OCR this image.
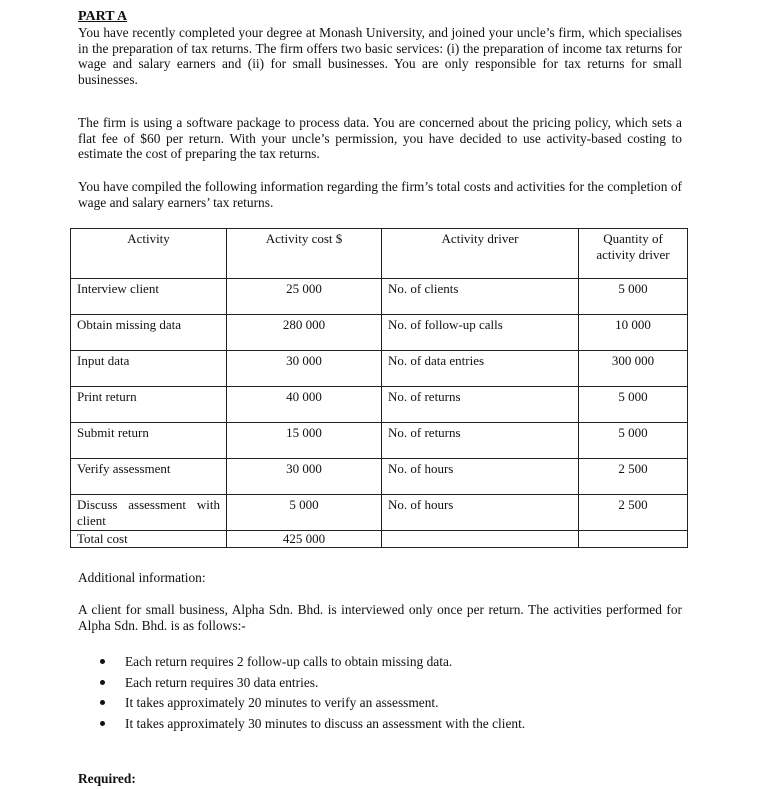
PART A

You have recently completed your degree at Monash University, and joined your uncle’s firm, which specialises in the preparation of tax returns. The firm offers two basic services: (i) the preparation of income tax returns for wage and salary earners and (ii) for small businesses. You are only responsible for tax returns for small businesses.

The firm is using a software package to process data. You are concerned about the pricing policy, which sets a flat fee of $60 per return. With your uncle’s permission, you have decided to use activity-based costing to estimate the cost of preparing the tax returns.

You have compiled the following information regarding the firm’s total costs and activities for the completion of wage and salary earners’ tax returns.

Activity	Activity cost $	Activity driver	Quantity of activity driver
Interview client	25 000	No. of clients	5 000
Obtain missing data	280 000	No. of follow-up calls	10 000
Input data	30 000	No. of data entries	300 000
Print return	40 000	No. of returns	5 000
Submit return	15 000	No. of returns	5 000
Verify assessment	30 000	No. of hours	2 500
Discuss assessment with client	5 000	No. of hours	2 500
Total cost	425 000		
Additional information:

A client for small business, Alpha Sdn. Bhd. is interviewed only once per return. The activities performed for Alpha Sdn. Bhd. is as follows:-

Each return requires 2 follow-up calls to obtain missing data.
Each return requires 30 data entries.
It takes approximately 20 minutes to verify an assessment.
It takes approximately 30 minutes to discuss an assessment with the client.
Required:
